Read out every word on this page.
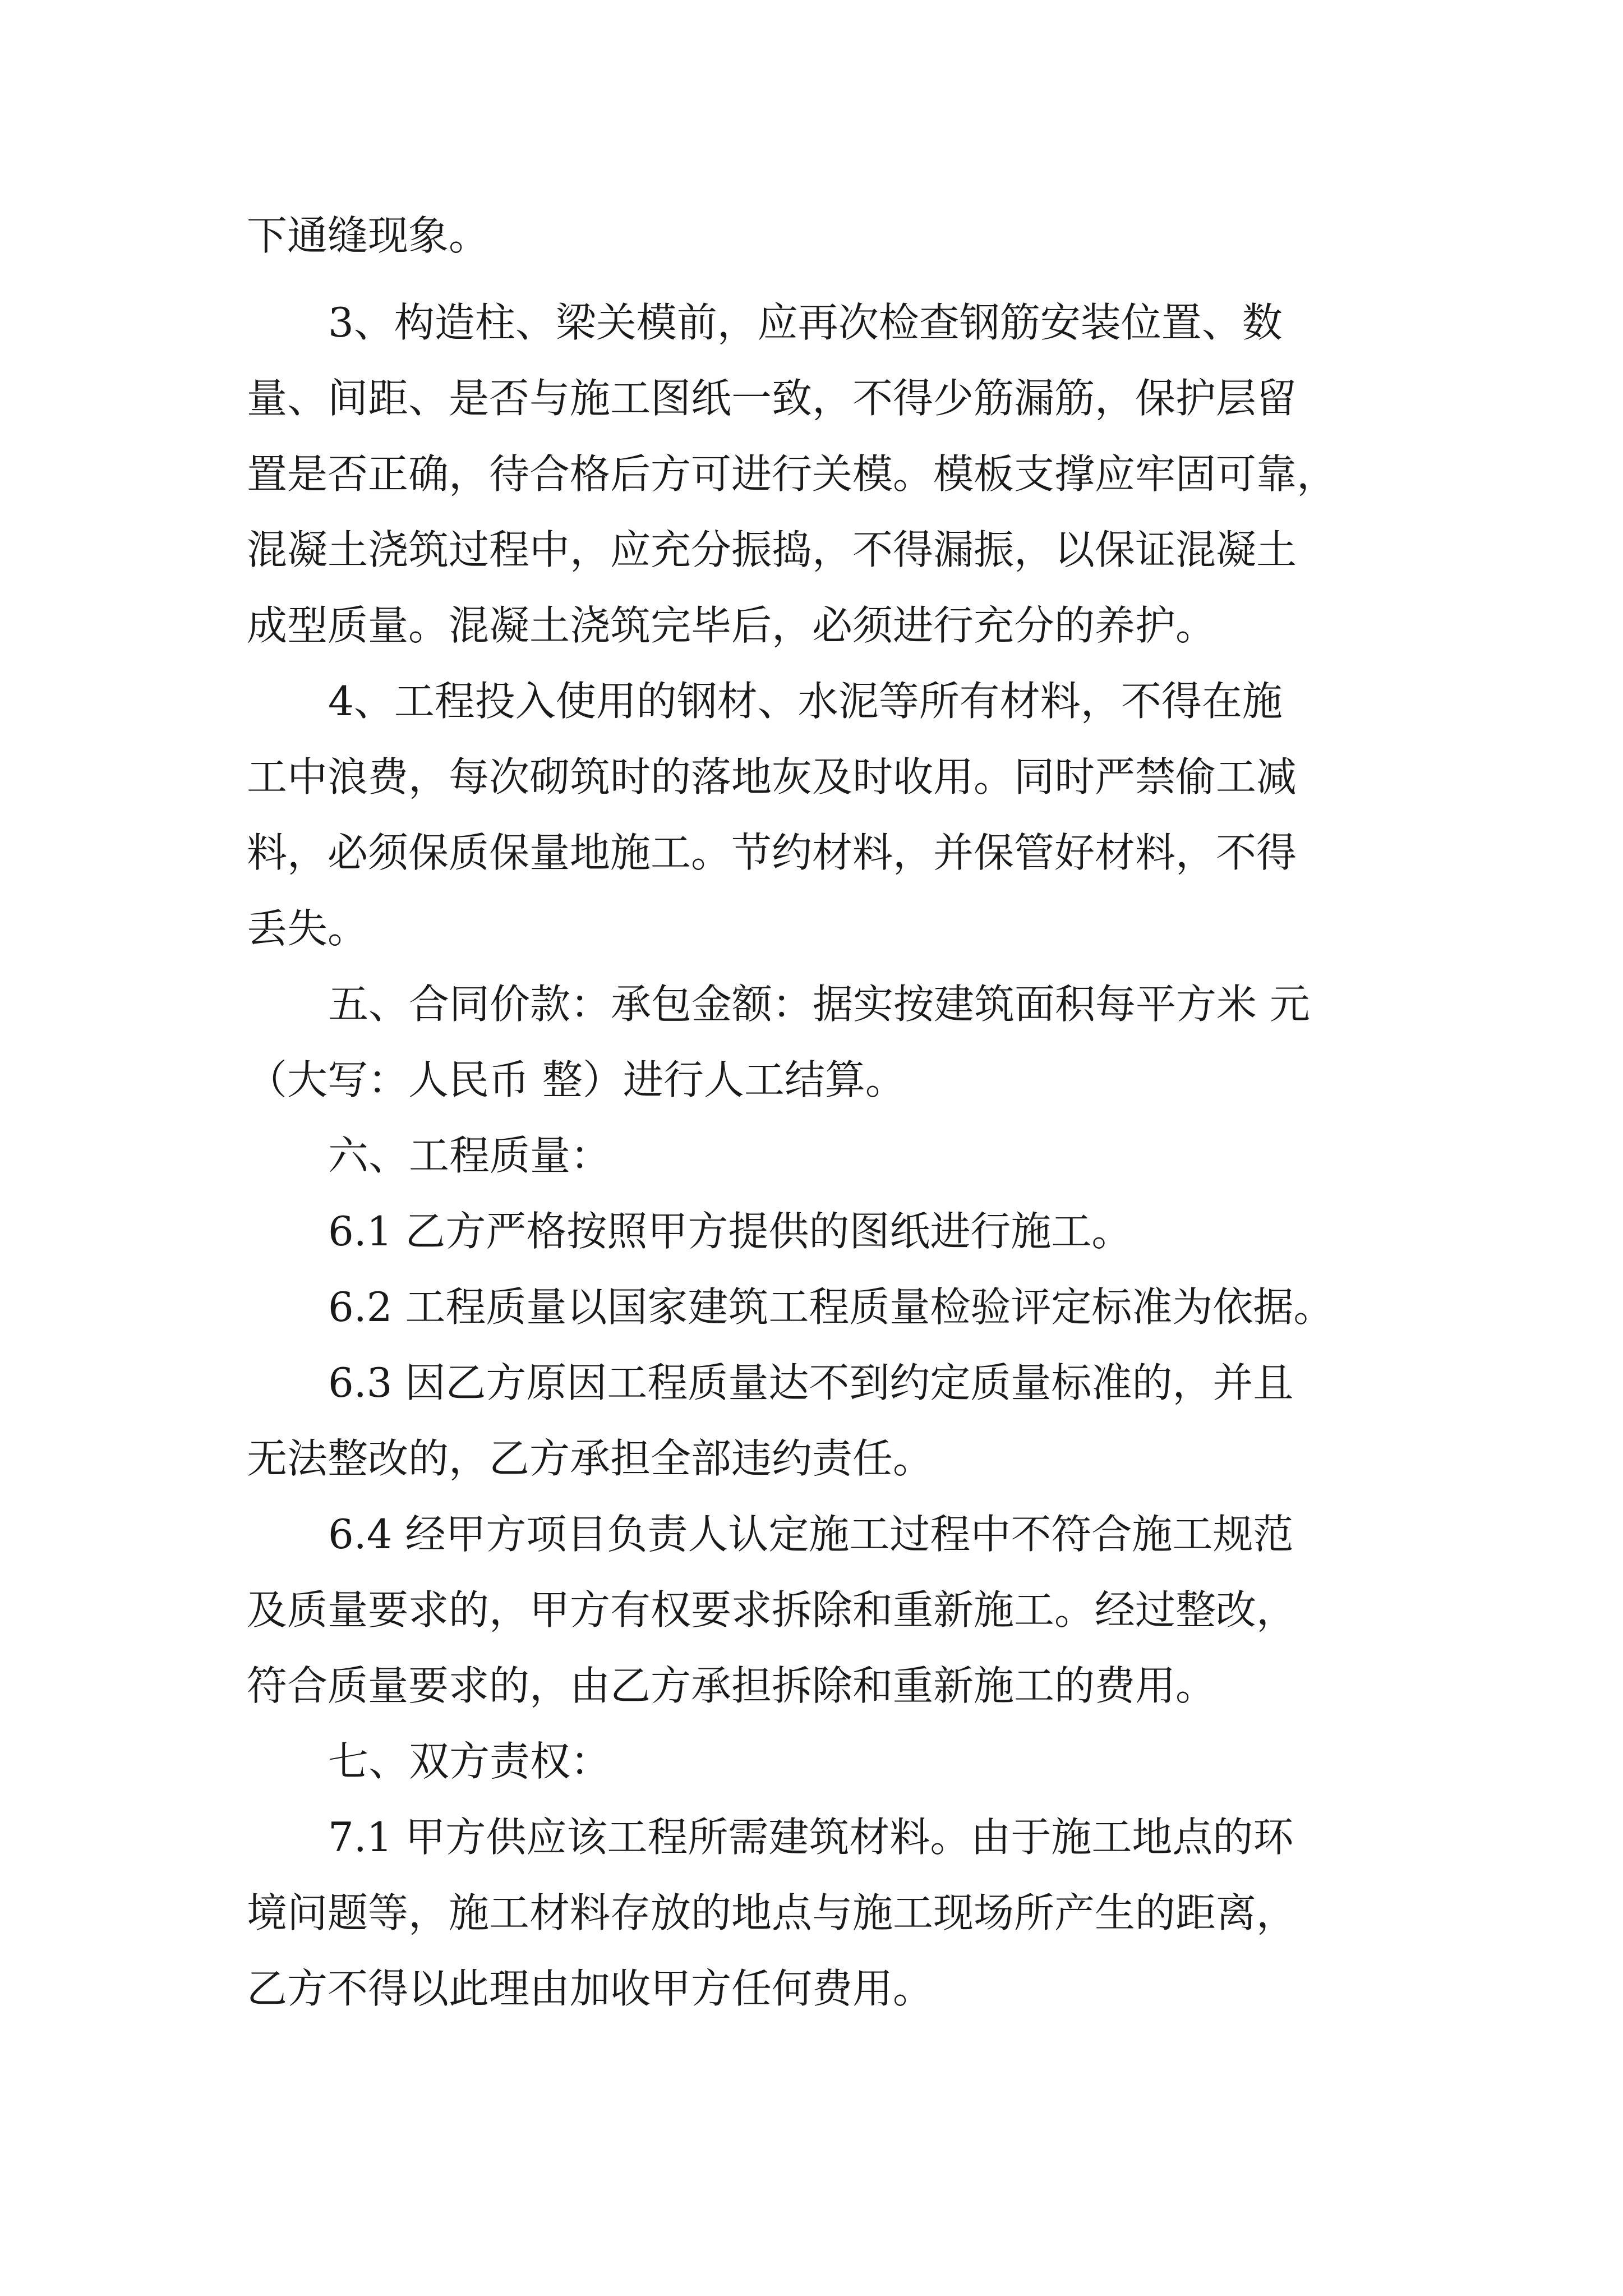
下通缝现象。
3、构造柱、梁关模前，应再次检查钢筋安装位置、数
量、间距、是否与施工图纸一致，不得少筋漏筋，保护层留
置是否正确，待合格后方可进行关模。模板支撑应牢固可靠，
混凝土浇筑过程中，应充分振捣，不得漏振，以保证混凝土
成型质量。混凝土浇筑完毕后，必须进行充分的养护。
4、工程投入使用的钢材、水泥等所有材料，不得在施
工中浪费，每次砌筑时的落地灰及时收用。同时严禁偷工减
料，必须保质保量地施工。节约材料，并保管好材料，不得
丢失。
五、合同价款：承包金额：据实按建筑面积每平方米 元
（大写：人民币 整）进行人工结算。
六、工程质量：
6.1 乙方严格按照甲方提供的图纸进行施工。
6.2 工程质量以国家建筑工程质量检验评定标准为依据。
6.3 因乙方原因工程质量达不到约定质量标准的，并且
无法整改的，乙方承担全部违约责任。
6.4 经甲方项目负责人认定施工过程中不符合施工规范
及质量要求的，甲方有权要求拆除和重新施工。经过整改，
符合质量要求的，由乙方承担拆除和重新施工的费用。
七、双方责权：
7.1 甲方供应该工程所需建筑材料。由于施工地点的环
境问题等，施工材料存放的地点与施工现场所产生的距离，
乙方不得以此理由加收甲方任何费用。
